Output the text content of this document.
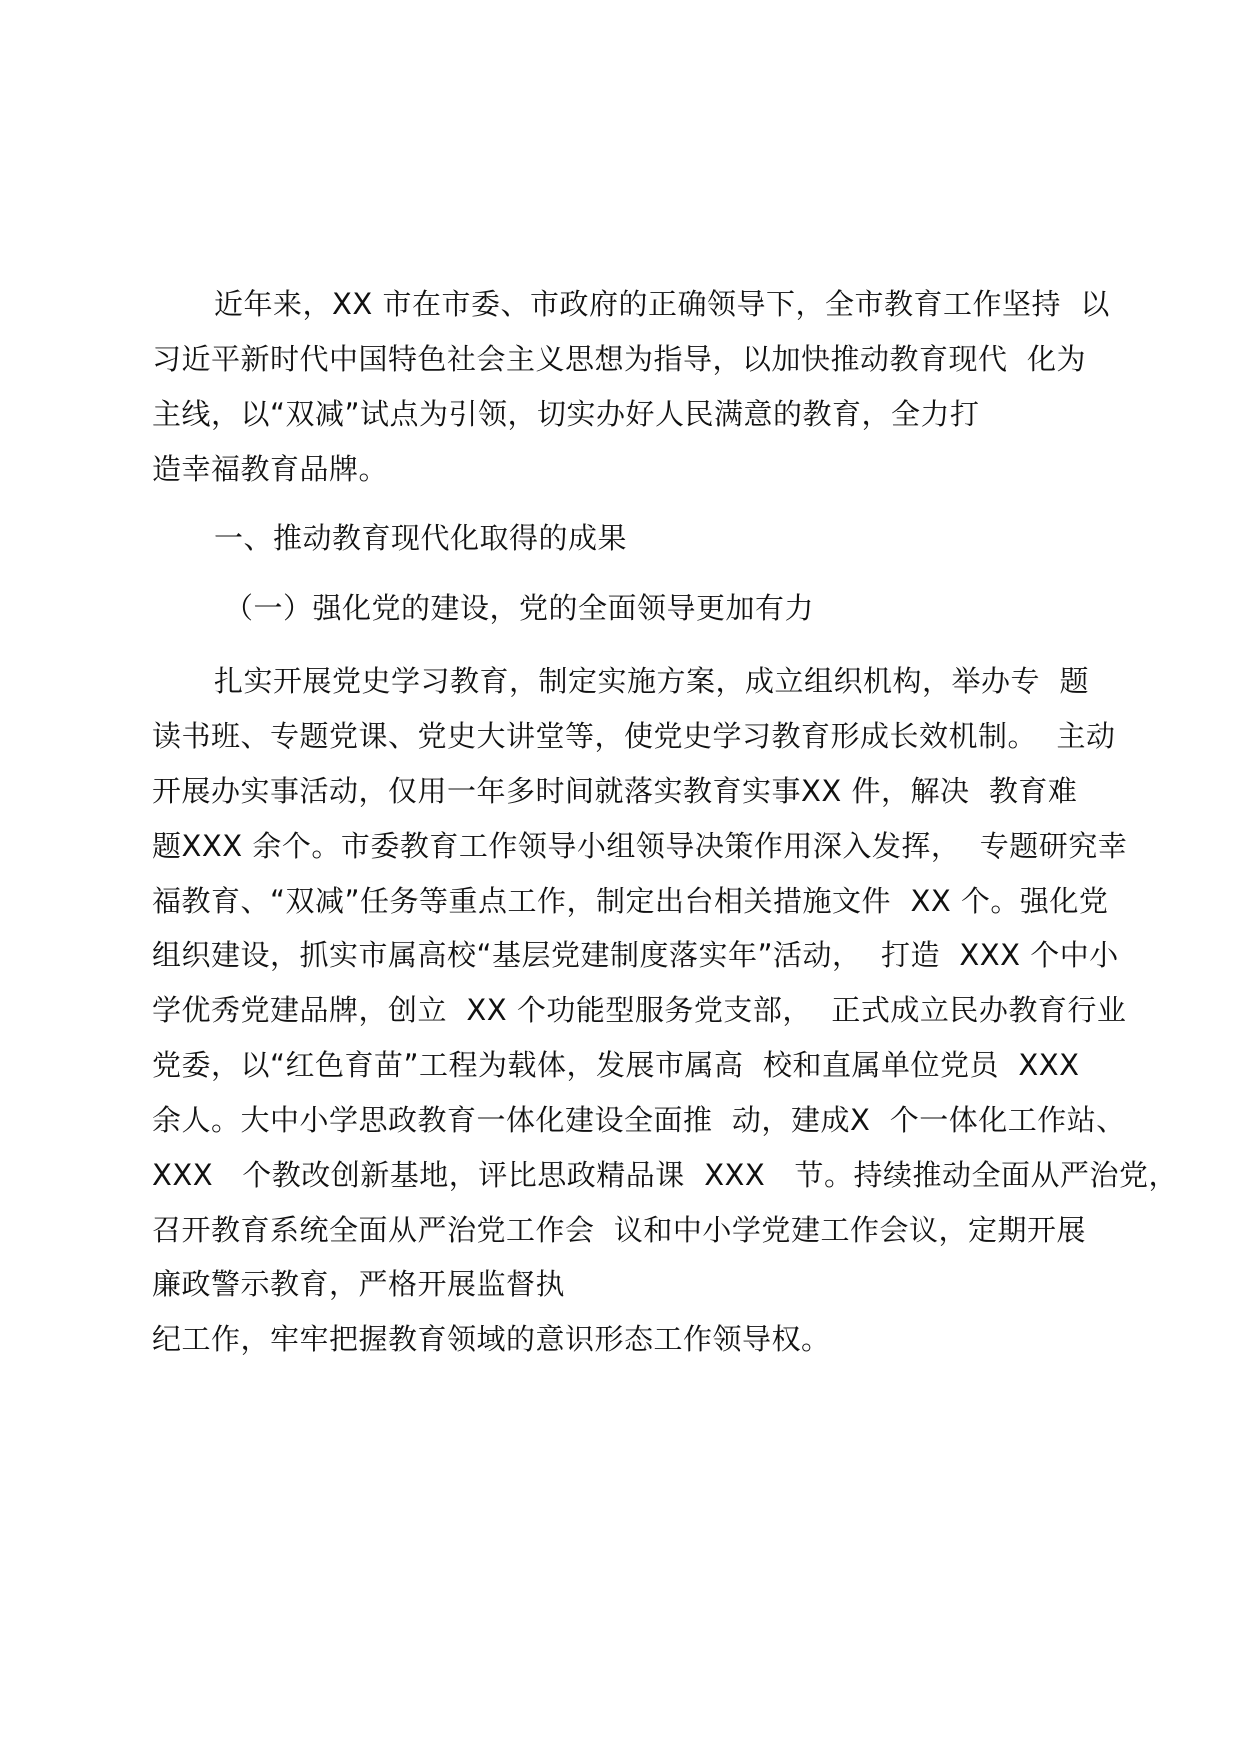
近年来，XX 市在市委、市政府的正确领导下，全市教育工作坚持  以
习近平新时代中国特色社会主义思想为指导，以加快推动教育现代  化为
主线，以“双减”试点为引领，切实办好人民满意的教育，全力打
造幸福教育品牌。
一、推动教育现代化取得的成果
（一）强化党的建设，党的全面领导更加有力
扎实开展党史学习教育，制定实施方案，成立组织机构，举办专  题
读书班、专题党课、党史大讲堂等，使党史学习教育形成长效机制。  主动
开展办实事活动，仅用一年多时间就落实教育实事XX 件，解决  教育难
题XXX 余个。市委教育工作领导小组领导决策作用深入发挥，  专题研究幸
福教育、“双减”任务等重点工作，制定出台相关措施文件  XX 个。强化党
组织建设，抓实市属高校“基层党建制度落实年”活动，  打造  XXX 个中小
学优秀党建品牌，创立  XX 个功能型服务党支部，  正式成立民办教育行业
党委，以“红色育苗”工程为载体，发展市属高  校和直属单位党员  XXX
余人。大中小学思政教育一体化建设全面推  动，建成X  个一体化工作站、
XXX   个教改创新基地，评比思政精品课  XXX   节。持续推动全面从严治党，
召开教育系统全面从严治党工作会  议和中小学党建工作会议，定期开展
廉政警示教育，严格开展监督执
纪工作，牢牢把握教育领域的意识形态工作领导权。
